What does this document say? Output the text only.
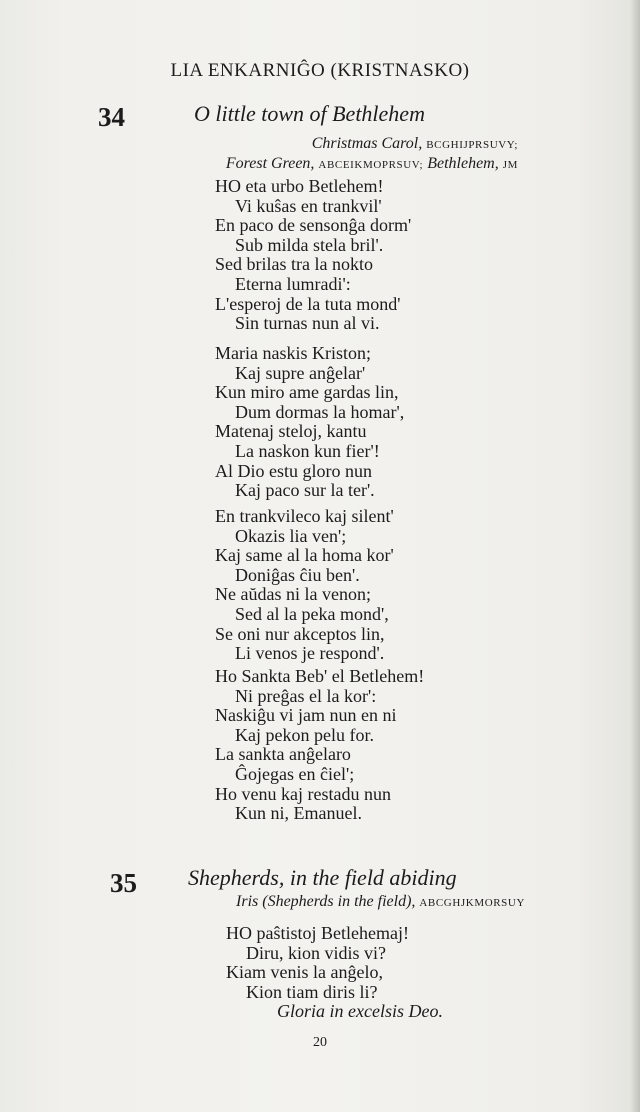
LIA ENKARNIĜO (KRISTNASKO)
34	O little town of Bethlehem
Christmas Carol, BCGHIJPRSUVY;
Forest Green, ABCEIKMOPRSUV; Bethlehem, JM
HO eta urbo Betlehem!
Vi kuŝas en trankvil'
En paco de sensonĝa dorm'
Sub milda stela bril'.
Sed brilas tra la nokto
Eterna lumradi':
L'esperoj de la tuta mond'
Sin turnas nun al vi.
Maria naskis Kriston;
Kaj supre anĝelar'
Kun miro ame gardas lin,
Dum dormas la homar',
Matenaj steloj, kantu
La naskon kun fier'!
Al Dio estu gloro nun
Kaj paco sur la ter'.
En trankvileco kaj silent'
Okazis lia ven';
Kaj same al la homa kor'
Doniĝas ĉiu ben'.
Ne aŭdas ni la venon;
Sed al la peka mond',
Se oni nur akceptos lin,
Li venos je respond'.
Ho Sankta Beb' el Betlehem!
Ni preĝas el la kor':
Naskiĝu vi jam nun en ni
Kaj pekon pelu for.
La sankta anĝelaro
Ĝojegas en ĉiel';
Ho venu kaj restadu nun
Kun ni, Emanuel.
35 Shepherds, in the field abiding
Iris (Shepherds in the field), ABCGHJKMORSUY
HO paŝtistoj Betlehemaj!
Diru, kion vidis vi?
Kiam venis la anĝelo,
Kion tiam diris li?
Gloria in excelsis Deo.
20
